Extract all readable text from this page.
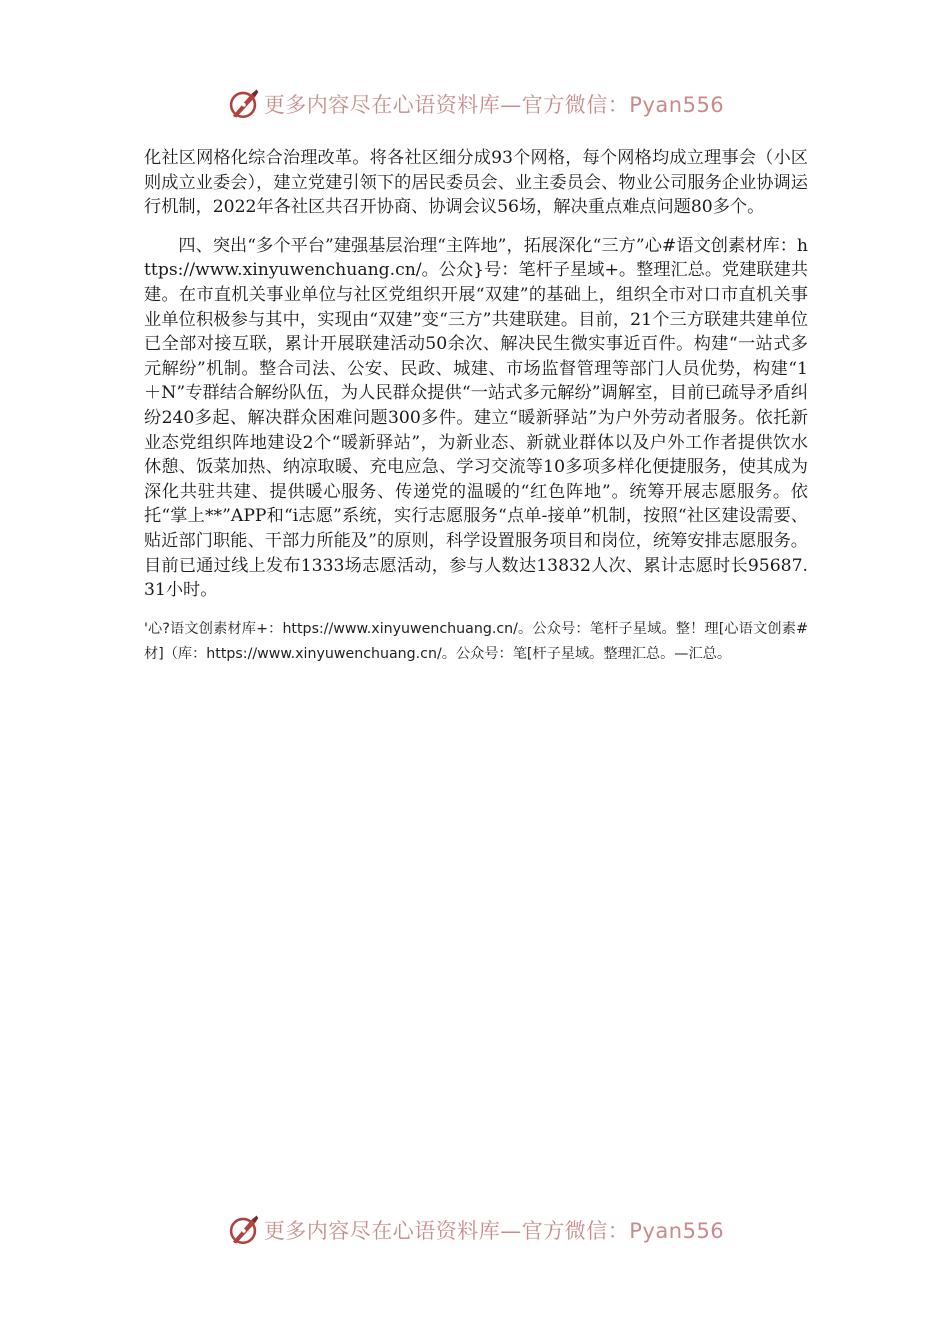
更多内容尽在心语资料库—官方微信：Pyan556

化社区网格化综合治理改革。将各社区细分成93个网格，每个网格均成立理事会（小区则成立业委会），建立党建引领下的居民委员会、业主委员会、物业公司服务企业协调运行机制，2022年各社区共召开协商、协调会议56场，解决重点难点问题80多个。

四、突出“多个平台”建强基层治理“主阵地”，拓展深化“三方”心#语文创素材库：https://www.xinyuwenchuang.cn/。公众}号：笔杆子星域+。整理汇总。党建联建共建。在市直机关事业单位与社区党组织开展“双建”的基础上，组织全市对口市直机关事业单位积极参与其中，实现由“双建”变“三方”共建联建。目前，21个三方联建共建单位已全部对接互联，累计开展联建活动50余次、解决民生微实事近百件。构建“一站式多元解纷”机制。整合司法、公安、民政、城建、市场监督管理等部门人员优势，构建“1＋N”专群结合解纷队伍，为人民群众提供“一站式多元解纷”调解室，目前已疏导矛盾纠纷240多起、解决群众困难问题300多件。建立“暖新驿站”为户外劳动者服务。依托新业态党组织阵地建设2个“暖新驿站”，为新业态、新就业群体以及户外工作者提供饮水休憩、饭菜加热、纳凉取暖、充电应急、学习交流等10多项多样化便捷服务，使其成为深化共驻共建、提供暖心服务、传递党的温暖的“红色阵地”。统筹开展志愿服务。依托“掌上**”APP和“i志愿”系统，实行志愿服务“点单-接单”机制，按照“社区建设需要、贴近部门职能、干部力所能及”的原则，科学设置服务项目和岗位，统筹安排志愿服务。目前已通过线上发布1333场志愿活动，参与人数达13832人次、累计志愿时长95687.31小时。

'心?语文创素材库+：https://www.xinyuwenchuang.cn/。公众号：笔杆子星域。整！理[心语文创素#材]（库：https://www.xinyuwenchuang.cn/。公众号：笔[杆子星域。整理汇总。—汇总。

更多内容尽在心语资料库—官方微信：Pyan556
